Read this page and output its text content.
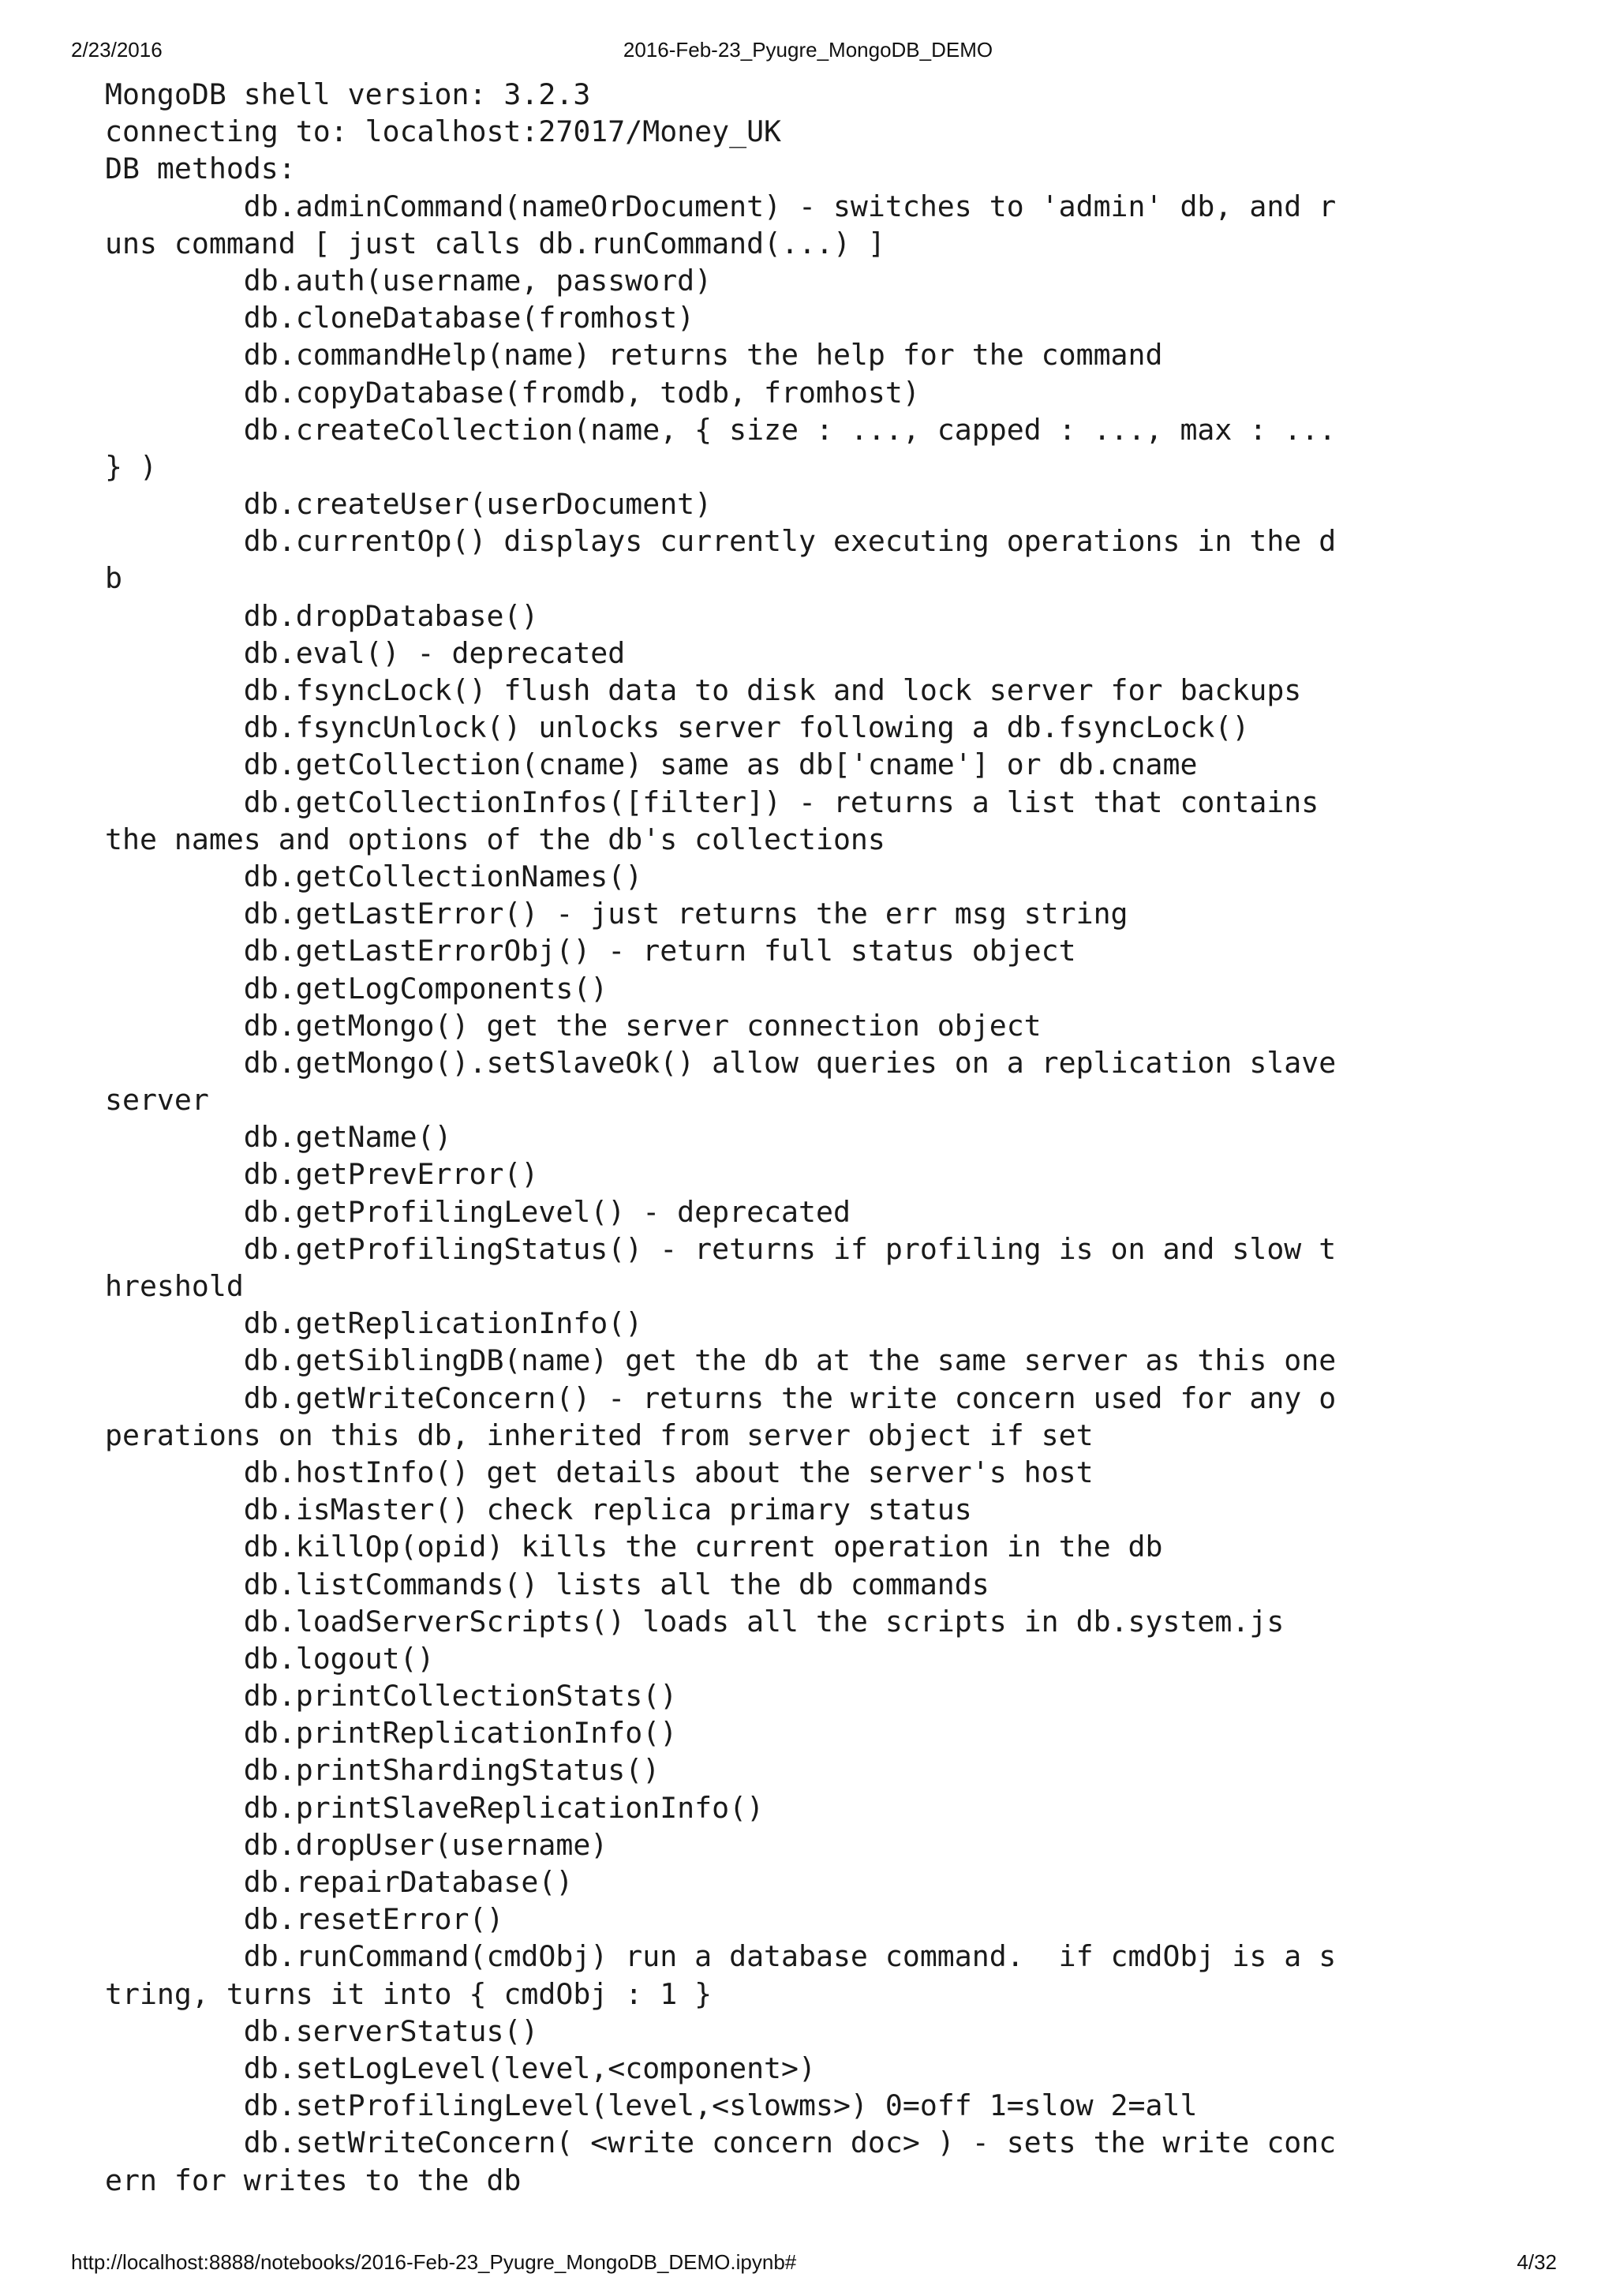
2/23/2016	2016-Feb-23_Pyugre_MongoDB_DEMO
MongoDB shell version: 3.2.3
connecting to: localhost:27017/Money_UK
DB methods:
db.adminCommand(nameOrDocument) - switches to 'admin' db, and r
uns command [ just calls db.runCommand(...) ]
db.auth(username, password)
db.cloneDatabase(fromhost)
db.commandHelp(name) returns the help for the command
db.copyDatabase(fromdb, todb, fromhost)
db.createCollection(name, { size : ..., capped : ..., max : ...
} )
db.createUser(userDocument)
db.currentOp() displays currently executing operations in the d
b
db.dropDatabase()
db.eval() - deprecated
db.fsyncLock() flush data to disk and lock server for backups
db.fsyncUnlock() unlocks server following a db.fsyncLock()
db.getCollection(cname) same as db['cname'] or db.cname
db.getCollectionInfos([filter]) - returns a list that contains
the names and options of the db's collections
db.getCollectionNames()
db.getLastError() - just returns the err msg string
db.getLastErrorObj() - return full status object
db.getLogComponents()
db.getMongo() get the server connection object
db.getMongo().setSlaveOk() allow queries on a replication slave
server
db.getName()
db.getPrevError()
db.getProfilingLevel() - deprecated
db.getProfilingStatus() - returns if profiling is on and slow t
hreshold
db.getReplicationInfo()
db.getSiblingDB(name) get the db at the same server as this one
db.getWriteConcern() - returns the write concern used for any o
perations on this db, inherited from server object if set
db.hostInfo() get details about the server's host
db.isMaster() check replica primary status
db.killOp(opid) kills the current operation in the db
db.listCommands() lists all the db commands
db.loadServerScripts() loads all the scripts in db.system.js
db.logout()
db.printCollectionStats()
db.printReplicationInfo()
db.printShardingStatus()
db.printSlaveReplicationInfo()
db.dropUser(username)
db.repairDatabase()
db.resetError()
db.runCommand(cmdObj) run a database command.  if cmdObj is a s
tring, turns it into { cmdObj : 1 }
db.serverStatus()
db.setLogLevel(level,<component>)
db.setProfilingLevel(level,<slowms>) 0=off 1=slow 2=all
db.setWriteConcern( <write concern doc> ) - sets the write conc
ern for writes to the db
http://localhost:8888/notebooks/2016-Feb-23_Pyugre_MongoDB_DEMO.ipynb#	4/32
